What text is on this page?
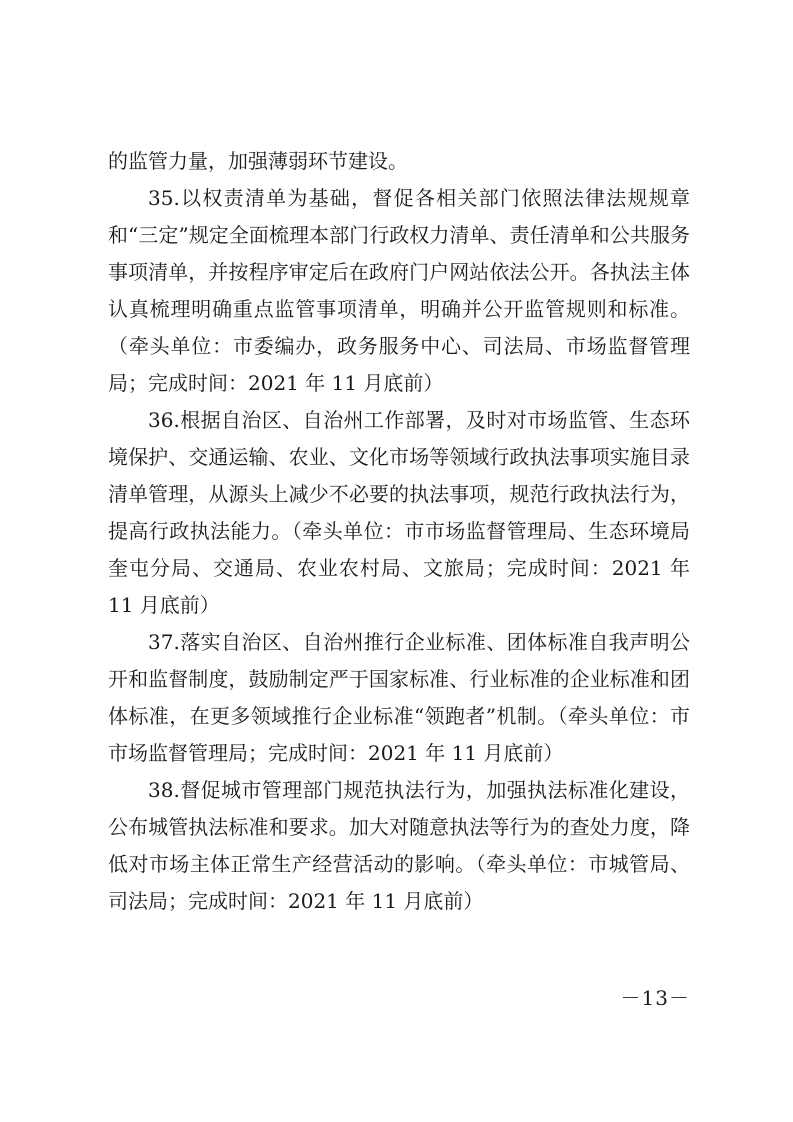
的监管力量，加强薄弱环节建设。

35.以权责清单为基础，督促各相关部门依照法律法规规章和“三定”规定全面梳理本部门行政权力清单、责任清单和公共服务事项清单，并按程序审定后在政府门户网站依法公开。各执法主体认真梳理明确重点监管事项清单，明确并公开监管规则和标准。（牵头单位：市委编办，政务服务中心、司法局、市场监督管理局；完成时间：2021 年 11 月底前）

36.根据自治区、自治州工作部署，及时对市场监管、生态环境保护、交通运输、农业、文化市场等领域行政执法事项实施目录清单管理，从源头上减少不必要的执法事项，规范行政执法行为，提高行政执法能力。（牵头单位：市市场监督管理局、生态环境局奎屯分局、交通局、农业农村局、文旅局；完成时间：2021 年 11 月底前）

37.落实自治区、自治州推行企业标准、团体标准自我声明公开和监督制度，鼓励制定严于国家标准、行业标准的企业标准和团体标准，在更多领域推行企业标准“领跑者”机制。（牵头单位：市市场监督管理局；完成时间：2021 年 11 月底前）

38.督促城市管理部门规范执法行为，加强执法标准化建设，公布城管执法标准和要求。加大对随意执法等行为的查处力度，降低对市场主体正常生产经营活动的影响。（牵头单位：市城管局、司法局；完成时间：2021 年 11 月底前）

－13－
